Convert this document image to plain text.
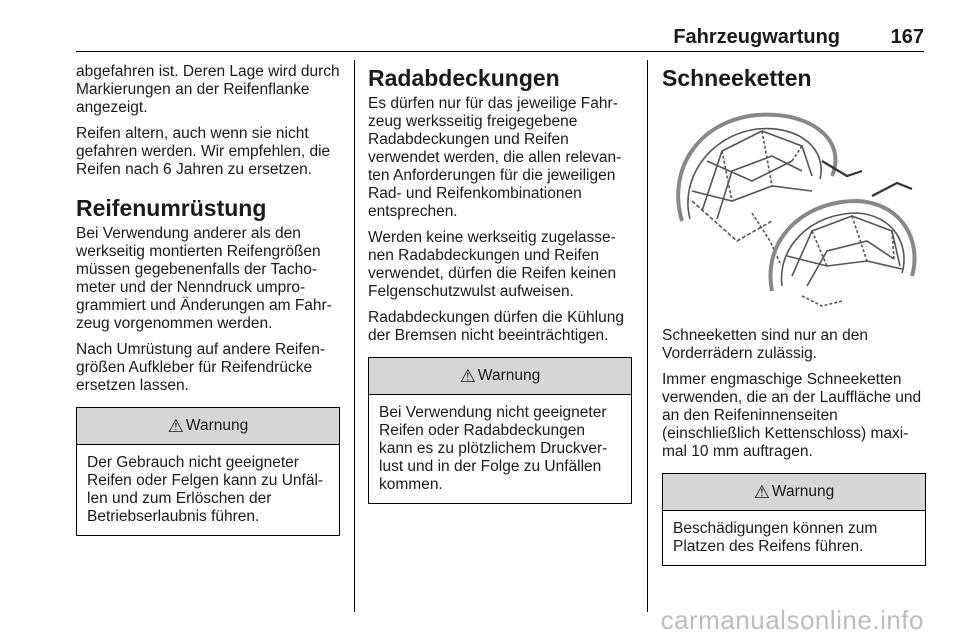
Fahrzeugwartung	167

abgefahren ist. Deren Lage wird durch Markierungen an der Reifenflanke angezeigt.

Reifen altern, auch wenn sie nicht gefahren werden. Wir empfehlen, die Reifen nach 6 Jahren zu ersetzen.

Reifenumrüstung

Bei Verwendung anderer als den werkseitig montierten Reifengrößen müssen gegebenenfalls der Tachometer und der Nenndruck umprogrammiert und Änderungen am Fahrzeug vorgenommen werden.

Nach Umrüstung auf andere Reifengrößen Aufkleber für Reifendrücke ersetzen lassen.

⚠ Warnung
Der Gebrauch nicht geeigneter Reifen oder Felgen kann zu Unfällen und zum Erlöschen der Betriebserlaubnis führen.
Radabdeckungen

Es dürfen nur für das jeweilige Fahrzeug werksseitig freigegebene Radabdeckungen und Reifen verwendet werden, die allen relevanten Anforderungen für die jeweiligen Rad- und Reifenkombinationen entsprechen.

Werden keine werkseitig zugelassenen Radabdeckungen und Reifen verwendet, dürfen die Reifen keinen Felgenschutzwulst aufweisen.

Radabdeckungen dürfen die Kühlung der Bremsen nicht beeinträchtigen.

⚠ Warnung
Bei Verwendung nicht geeigneter Reifen oder Radabdeckungen kann es zu plötzlichem Druckverlust und in der Folge zu Unfällen kommen.
Schneeketten

Schneeketten sind nur an den Vorderrädern zulässig.

Immer engmaschige Schneeketten verwenden, die an der Lauffläche und an den Reifeninnenseiten (einschließlich Kettenschloss) maximal 10 mm auftragen.

⚠ Warnung
Beschädigungen können zum Platzen des Reifens führen.
carmanualsonline.info
